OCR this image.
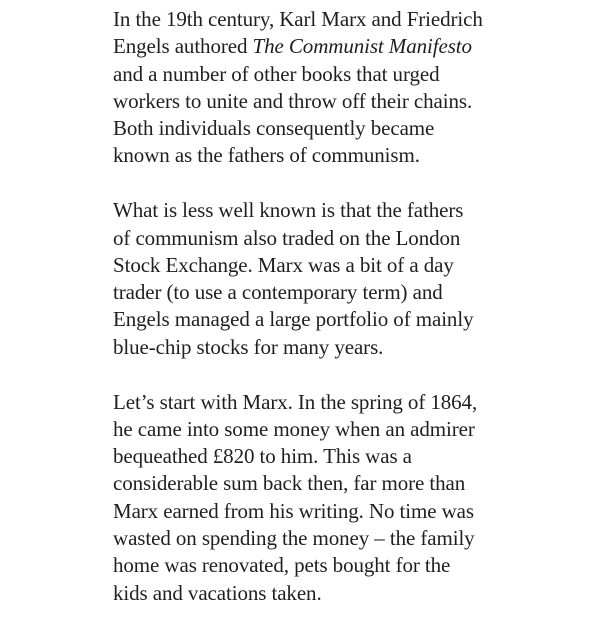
In the 19th century, Karl Marx and Friedrich
Engels authored The Communist Manifesto
and a number of other books that urged
workers to unite and throw off their chains.
Both individuals consequently became
known as the fathers of communism.

What is less well known is that the fathers
of communism also traded on the London
Stock Exchange. Marx was a bit of a day
trader (to use a contemporary term) and
Engels managed a large portfolio of mainly
blue-chip stocks for many years.

Let’s start with Marx. In the spring of 1864,
he came into some money when an admirer
bequeathed £820 to him. This was a
considerable sum back then, far more than
Marx earned from his writing. No time was
wasted on spending the money – the family
home was renovated, pets bought for the
kids and vacations taken.
